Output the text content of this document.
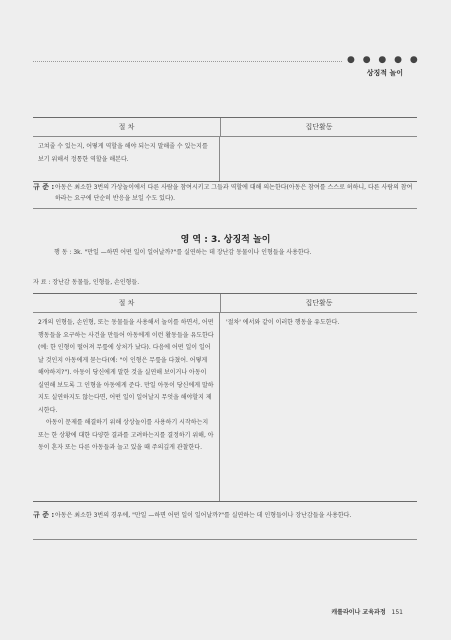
● ● ● ● ●
상징적 놀이
절 차	집단활동
고쳐줄 수 있는지, 어떻게 역할을 해야 되는지 말해줄 수 있는지를 보기 위해서 정통한 역할을 해본다.
규 준 : 아동은 최소한 3번의 가상놀이에서 다른 사람을 참여시키고 그들과 역할에 대해 의논한다(아동은 참여를 스스로 허하니, 다른 사람의 참여하라는 요구에 단순히 반응을 보일 수도 있다).
영 역 : 3. 상징적 놀이
행 동 : 3k. "만일 —하면 어떤 일이 일어날까?"를 실연하는 데 장난감 동물이나 인형들을 사용한다.
자 료 : 장난감 동물들, 인형들, 손인형들.
절 차	집단활동
2개의 인형들, 손인형, 또는 동물들을 사용해서 놀이를 하면서, 어떤 행동들을 요구하는 사건을 만들어 아동에게 이런 활동들을 유도한다(예: 한 인형이 떨어져 무릎에 상처가 났다). 다음에 어떤 일이 일어날 것인지 아동에게 묻는다(예: "이 인형은 무릎을 다쳤어. 어떻게 해야하지?"). 아동이 당신에게 말한 것을 실연해 보이거나 아동이 실연해 보도록 그 인형을 아동에게 준다. 만일 아동이 당신에게 말하지도 실연하지도 않는다면, 어떤 일이 일어날지 무엇을 해야할지 제시한다.
아동이 문제를 해결하기 위해 상상놀이를 사용하기 시작하는지 또는 한 상황에 대한 다양한 결과를 고려하는지를 결정하기 위해, 아동이 혼자 또는 다른 아동들과 놀고 있을 때 주의깊게 관찰한다.
'절차' 에서와 같이 이러한 행동을 유도한다.
규 준 : 아동은 최소한 3번의 경우에, "만일 —하면 어떤 일이 일어날까?"를 실연하는 데 인형들이나 장난감들을 사용한다.
캐롤라이나 교육과정 151
